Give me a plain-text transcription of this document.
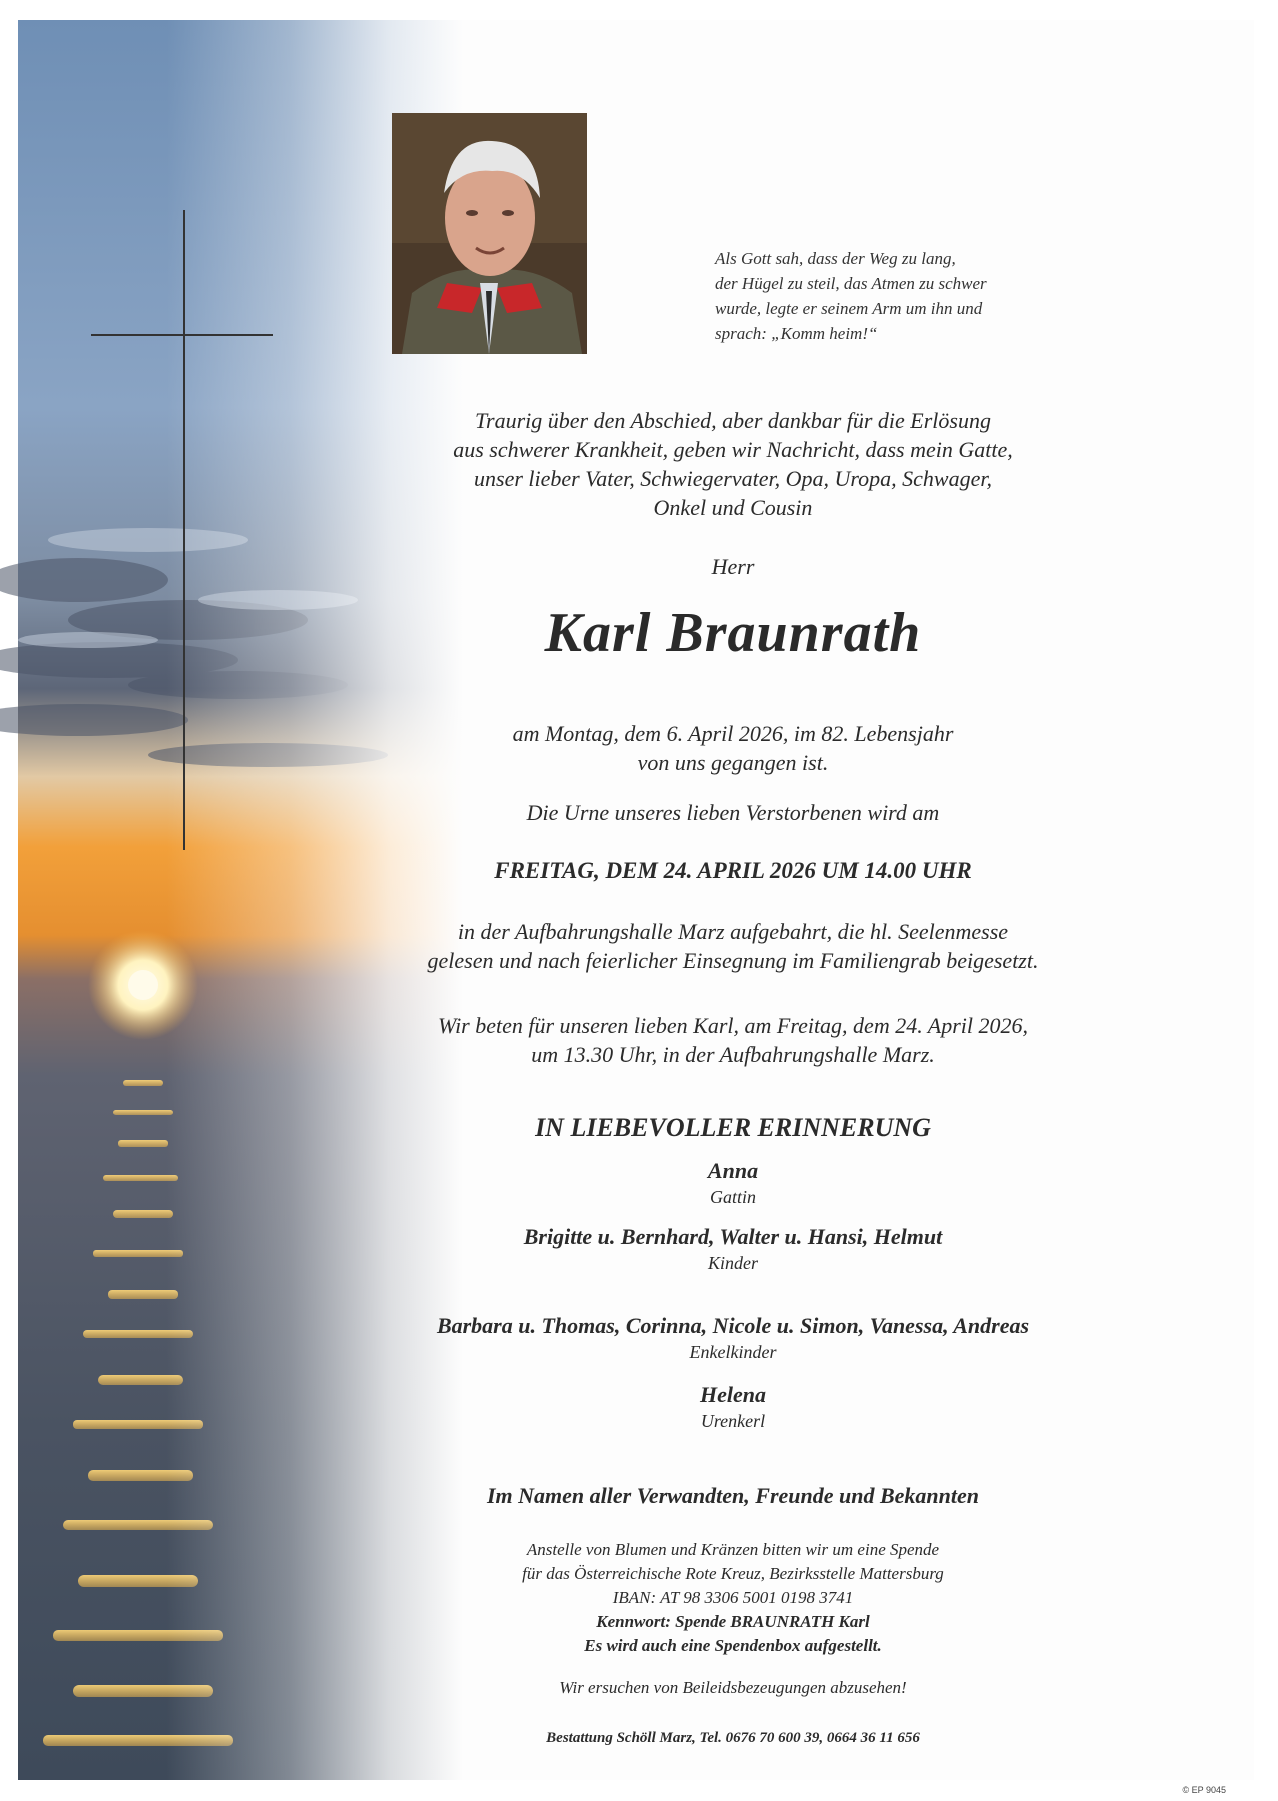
Als Gott sah, dass der Weg zu lang,
der Hügel zu steil, das Atmen zu schwer
wurde, legte er seinem Arm um ihn und
sprach: „Komm heim!“
Traurig über den Abschied, aber dankbar für die Erlösung
aus schwerer Krankheit, geben wir Nachricht, dass mein Gatte,
unser lieber Vater, Schwiegervater, Opa, Uropa, Schwager,
Onkel und Cousin
Herr
Karl Braunrath
am Montag, dem 6. April 2026, im 82. Lebensjahr
von uns gegangen ist.
Die Urne unseres lieben Verstorbenen wird am
FREITAG, DEM 24. APRIL 2026 UM 14.00 UHR
in der Aufbahrungshalle Marz aufgebahrt, die hl. Seelenmesse
gelesen und nach feierlicher Einsegnung im Familiengrab beigesetzt.
Wir beten für unseren lieben Karl, am Freitag, dem 24. April 2026,
um 13.30 Uhr, in der Aufbahrungshalle Marz.
IN LIEBEVOLLER ERINNERUNG
Anna
Gattin
Brigitte u. Bernhard, Walter u. Hansi, Helmut
Kinder
Barbara u. Thomas, Corinna, Nicole u. Simon, Vanessa, Andreas
Enkelkinder
Helena
Urenkerl
Im Namen aller Verwandten, Freunde und Bekannten
Anstelle von Blumen und Kränzen bitten wir um eine Spende
für das Österreichische Rote Kreuz, Bezirksstelle Mattersburg
IBAN: AT 98 3306 5001 0198 3741
Kennwort: Spende BRAUNRATH Karl
Es wird auch eine Spendenbox aufgestellt.
Wir ersuchen von Beileidsbezeugungen abzusehen!
Bestattung Schöll Marz, Tel. 0676 70 600 39, 0664 36 11 656
© EP 9045
